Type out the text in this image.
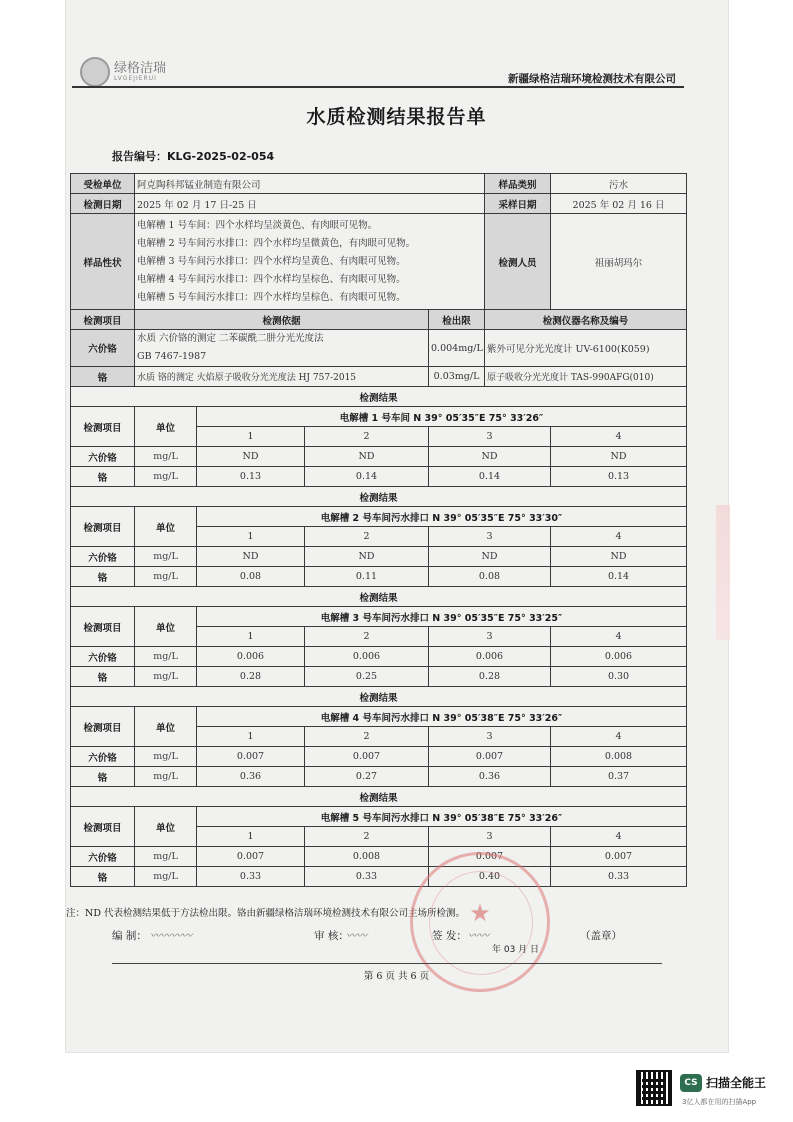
绿格洁瑞
LVGEJIERUI	新疆绿格洁瑞环境检测技术有限公司
水质检测结果报告单
报告编号：KLG-2025-02-054
受检单位	阿克陶科邦锰业制造有限公司				样品类别	污水
检测日期	2025 年 02 月 17 日-25 日				采样日期	2025 年 02 月 16 日
样品性状	电解槽 1 号车间：四个水样均呈淡黄色、有肉眼可见物。
电解槽 2 号车间污水排口：四个水样均呈微黄色，有肉眼可见物。
电解槽 3 号车间污水排口：四个水样均呈黄色、有肉眼可见物。
电解槽 4 号车间污水排口：四个水样均呈棕色、有肉眼可见物。
电解槽 5 号车间污水排口：四个水样均呈棕色、有肉眼可见物。				检测人员	祖丽胡玛尔
检测项目	检测依据			检出限	检测仪器名称及编号	
六价铬	水质 六价铬的测定 二苯碳酰二肼分光光度法
GB 7467-1987			0.004mg/L	紫外可见分光光度计 UV-6100(K059)	
铬	水质 铬的测定 火焰原子吸收分光光度法 HJ 757-2015			0.03mg/L	原子吸收分光光度计 TAS-990AFG(010)	
检测结果						
检测项目	单位	电解槽 1 号车间 N 39° 05′35″E 75° 33′26″				
		1	2	3		4
六价铬	mg/L	ND	ND	ND		ND
铬	mg/L	0.13	0.14	0.14		0.13
检测结果						
检测项目	单位	电解槽 2 号车间污水排口 N 39° 05′35″E 75° 33′30″				
		1	2	3		4
六价铬	mg/L	ND	ND	ND		ND
铬	mg/L	0.08	0.11	0.08		0.14
检测结果						
检测项目	单位	电解槽 3 号车间污水排口 N 39° 05′35″E 75° 33′25″				
		1	2	3		4
六价铬	mg/L	0.006	0.006	0.006		0.006
铬	mg/L	0.28	0.25	0.28		0.30
检测结果						
检测项目	单位	电解槽 4 号车间污水排口 N 39° 05′38″E 75° 33′26″				
		1	2	3		4
六价铬	mg/L	0.007	0.007	0.007		0.008
铬	mg/L	0.36	0.27	0.36		0.37
检测结果						
检测项目	单位	电解槽 5 号车间污水排口 N 39° 05′38″E 75° 33′26″				
		1	2	3		4
六价铬	mg/L	0.007	0.008	0.007		0.007
铬	mg/L	0.33	0.33	0.40		0.33
注：ND 代表检测结果低于方法检出限。铬由新疆绿格洁瑞环境检测技术有限公司主场所检测。 ★
编 制： 〰〰〰〰	审 核：
〰〰	签 发： 〰〰
年 03 月 日
（盖章）
第 6 页 共 6 页
CS 扫描全能王
3亿人都在用的扫描App
